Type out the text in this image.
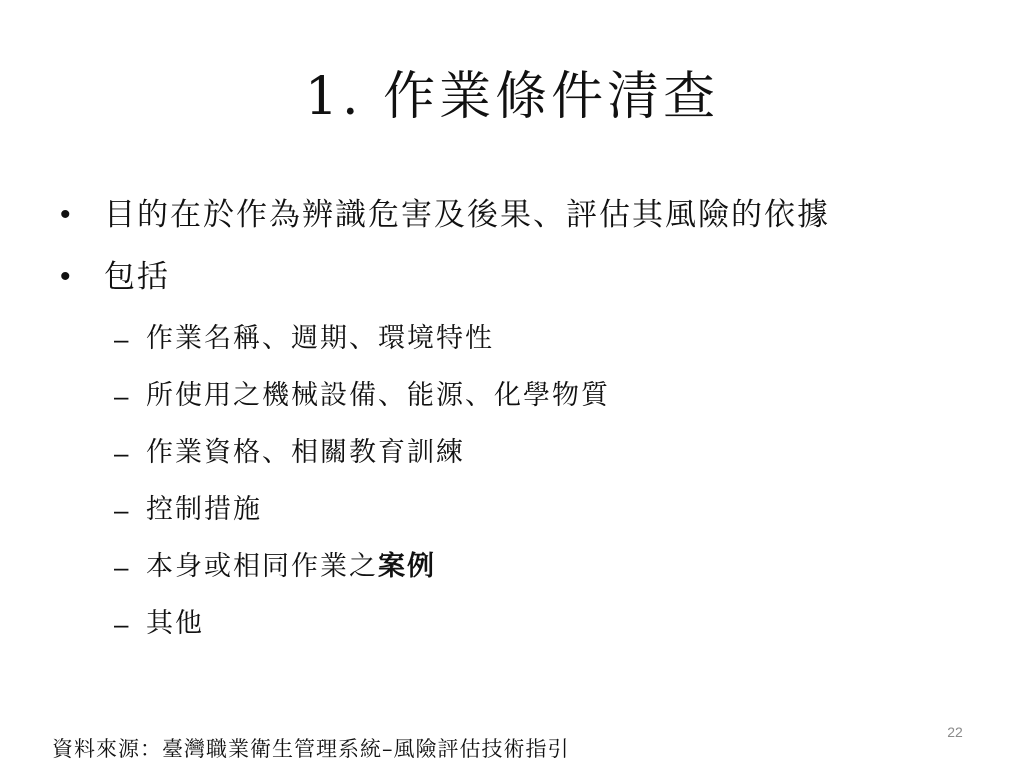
1. 作業條件清查
• 目的在於作為辨識危害及後果、評估其風險的依據
• 包括
– 作業名稱、週期、環境特性
– 所使用之機械設備、能源、化學物質
– 作業資格、相關教育訓練
– 控制措施
– 本身或相同作業之案例
– 其他
22
資料來源：臺灣職業衛生管理系統–風險評估技術指引
